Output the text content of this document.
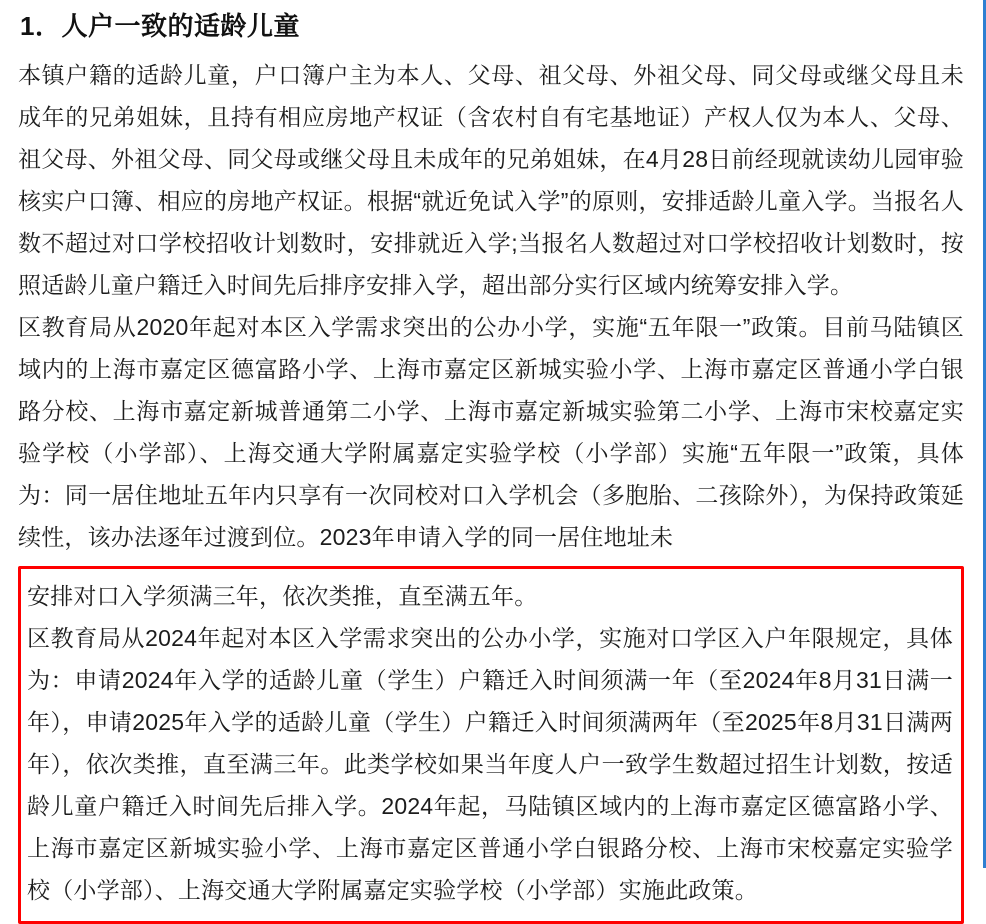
1．人户一致的适龄儿童

本镇户籍的适龄儿童，户口簿户主为本人、父母、祖父母、外祖父母、同父母或继父母且未成年的兄弟姐妹，且持有相应房地产权证（含农村自有宅基地证）产权人仅为本人、父母、祖父母、外祖父母、同父母或继父母且未成年的兄弟姐妹，在4月28日前经现就读幼儿园审验核实户口簿、相应的房地产权证。根据“就近免试入学”的原则，安排适龄儿童入学。当报名人数不超过对口学校招收计划数时，安排就近入学;当报名人数超过对口学校招收计划数时，按照适龄儿童户籍迁入时间先后排序安排入学，超出部分实行区域内统筹安排入学。

区教育局从2020年起对本区入学需求突出的公办小学，实施“五年限一”政策。目前马陆镇区域内的上海市嘉定区德富路小学、上海市嘉定区新城实验小学、上海市嘉定区普通小学白银路分校、上海市嘉定新城普通第二小学、上海市嘉定新城实验第二小学、上海市宋校嘉定实验学校（小学部）、上海交通大学附属嘉定实验学校（小学部）实施“五年限一”政策，具体为：同一居住地址五年内只享有一次同校对口入学机会（多胞胎、二孩除外），为保持政策延续性，该办法逐年过渡到位。2023年申请入学的同一居住地址未

安排对口入学须满三年，依次类推，直至满五年。

区教育局从2024年起对本区入学需求突出的公办小学，实施对口学区入户年限规定，具体为：申请2024年入学的适龄儿童（学生）户籍迁入时间须满一年（至2024年8月31日满一年），申请2025年入学的适龄儿童（学生）户籍迁入时间须满两年（至2025年8月31日满两年），依次类推，直至满三年。此类学校如果当年度人户一致学生数超过招生计划数，按适龄儿童户籍迁入时间先后排入学。2024年起，马陆镇区域内的上海市嘉定区德富路小学、上海市嘉定区新城实验小学、上海市嘉定区普通小学白银路分校、上海市宋校嘉定实验学校（小学部）、上海交通大学附属嘉定实验学校（小学部）实施此政策。
